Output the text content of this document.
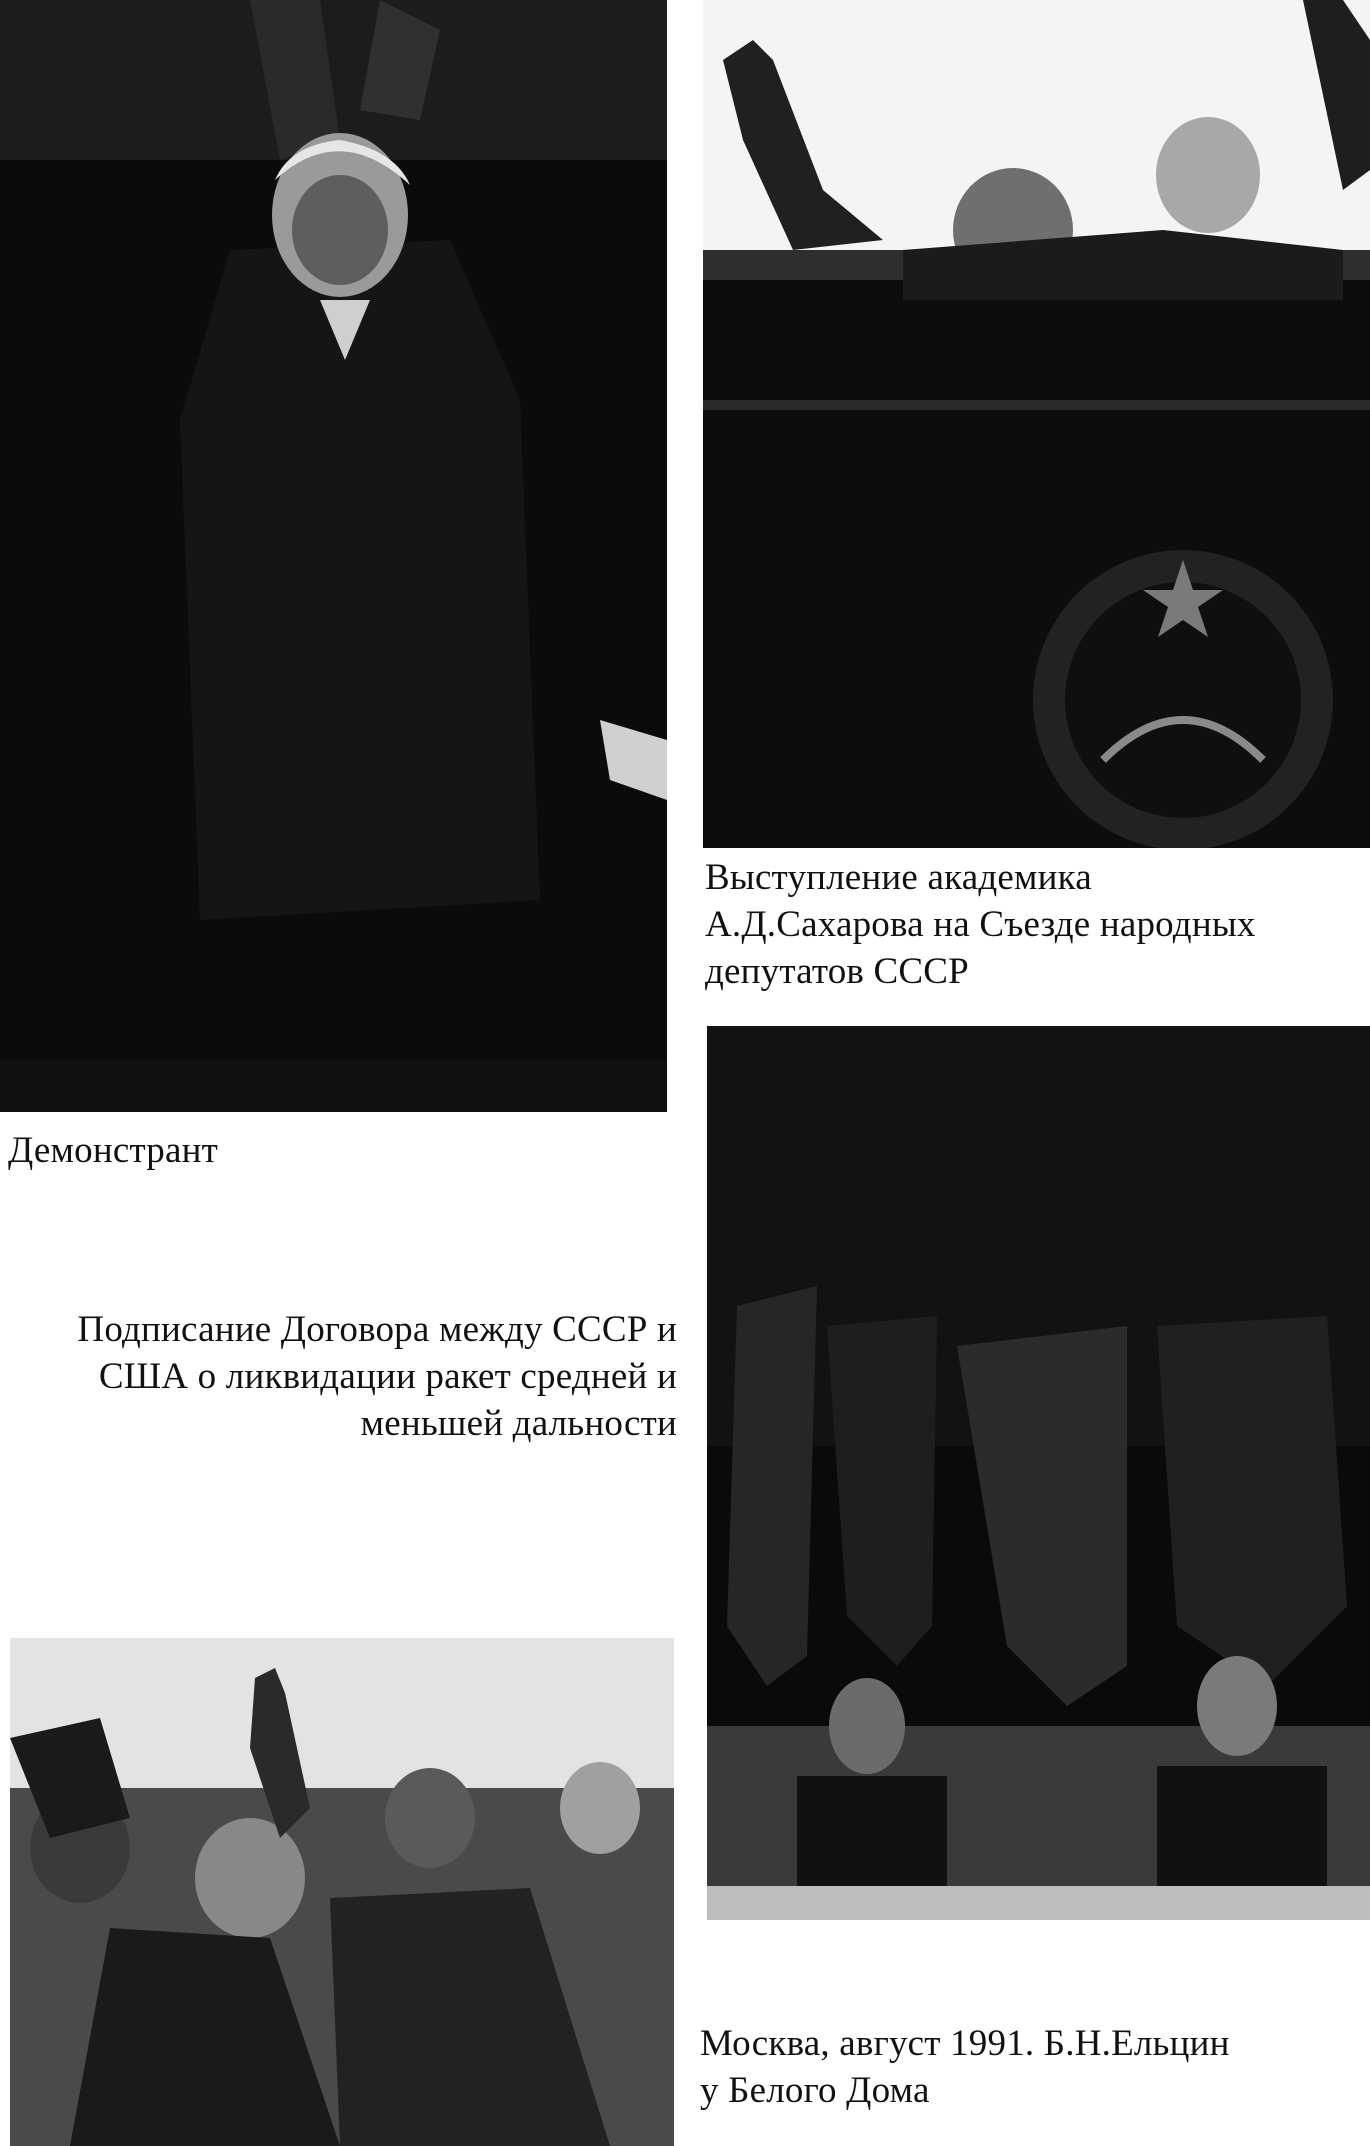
Демонстрант

Выступление академика
А.Д.Сахарова на Съезде народных
депутатов СССР

Подписание Договора между СССР и
США о ликвидации ракет средней и
меньшей дальности

Москва, август 1991. Б.Н.Ельцин
у Белого Дома
